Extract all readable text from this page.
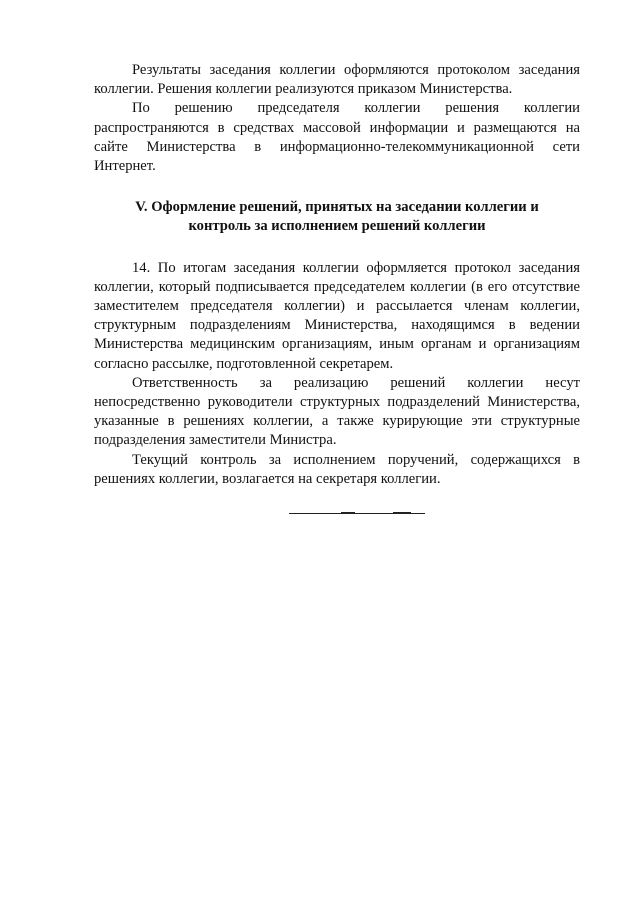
Результаты заседания коллегии оформляются протоколом заседания коллегии. Решения коллегии реализуются приказом Министерства.

По решению председателя коллегии решения коллегии распространяются в средствах массовой информации и размещаются на сайте Министерства в информационно-телекоммуникационной сети Интернет.

V. Оформление решений, принятых на заседании коллегии и
контроль за исполнением решений коллегии

14. По итогам заседания коллегии оформляется протокол заседания коллегии, который подписывается председателем коллегии (в его отсутствие заместителем председателя коллегии) и рассылается членам коллегии, структурным подразделениям Министерства, находящимся в ведении Министерства медицинским организациям, иным органам и организациям согласно рассылке, подготовленной секретарем.

Ответственность за реализацию решений коллегии несут непосредственно руководители структурных подразделений Министерства, указанные в решениях коллегии, а также курирующие эти структурные подразделения заместители Министра.

Текущий контроль за исполнением поручений, содержащихся в решениях коллегии, возлагается на секретаря коллегии.
